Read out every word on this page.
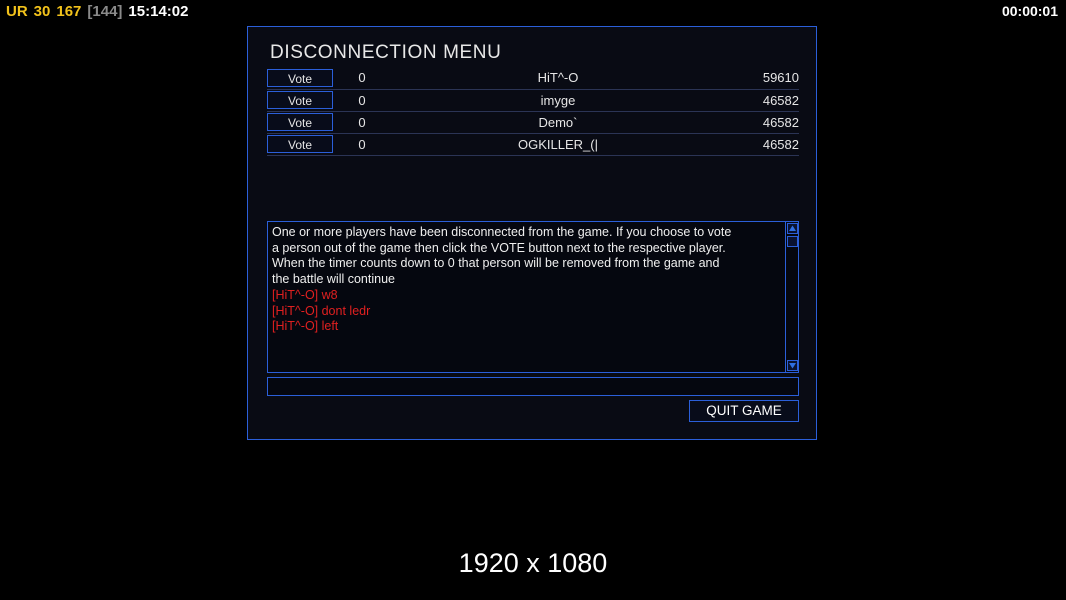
UR 30 167 [144] 15:14:02	00:00:01
DISCONNECTION MENU
Vote	0	HiT^-O	59610

Vote	0	imyge	46582

Vote	0	Demo`	46582

Vote	0	OGKILLER_(|	46582
One or more players have been disconnected from the game. If you choose to vote
a person out of the game then click the VOTE button next to the respective player.
When the timer counts down to 0 that person will be removed from the game and
the battle will continue
[HiT^-O] w8
[HiT^-O] dont ledr
[HiT^-O] left
QUIT GAME
1920 x 1080
